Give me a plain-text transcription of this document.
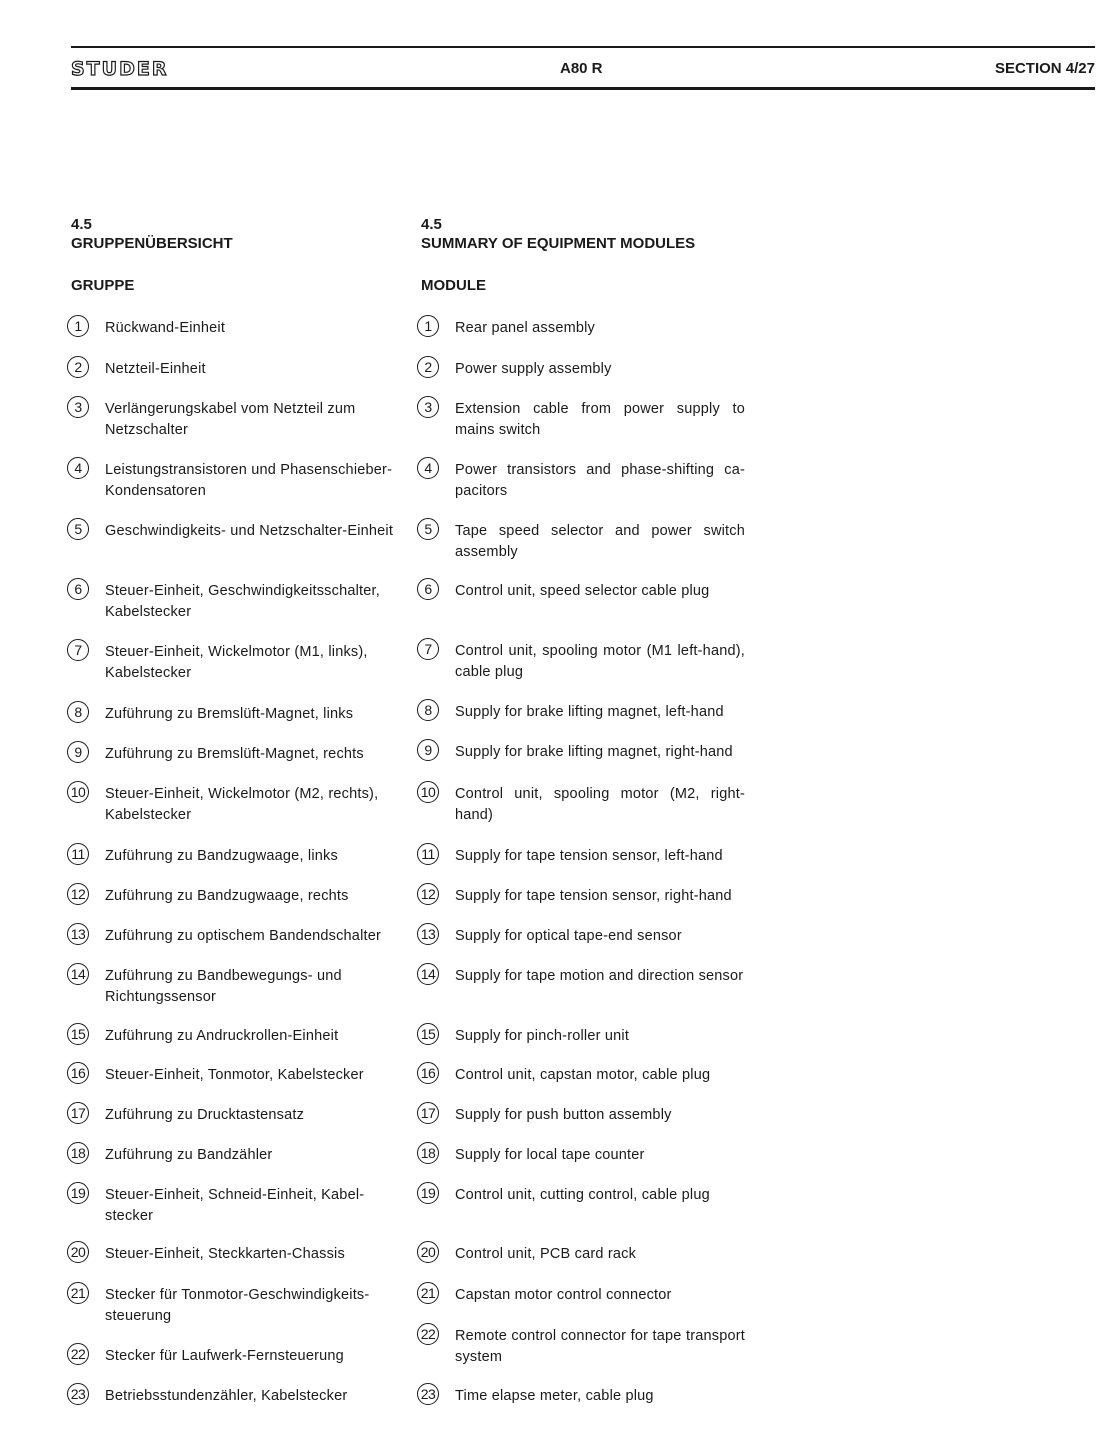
STUDER	A80 R	SECTION 4/27
4.5
GRUPPENÜBERSICHT
GRUPPE
1	Rückwand-Einheit
2	Netzteil-Einheit
3	Verlängerungskabel vom Netzteil zum Netzschalter
4	Leistungstransistoren und Phasenschieber-Kondensatoren
5	Geschwindigkeits- und Netzschalter-Einheit
6	Steuer-Einheit, Geschwindigkeitsschalter, Kabelstecker
7	Steuer-Einheit, Wickelmotor (M1, links), Kabelstecker
8	Zuführung zu Bremslüft-Magnet, links
9	Zuführung zu Bremslüft-Magnet, rechts
10 Steuer-Einheit, Wickelmotor (M2, rechts), Kabelstecker
11 Zuführung zu Bandzugwaage, links
12 Zuführung zu Bandzugwaage, rechts
13 Zuführung zu optischem Bandendschalter
14 Zuführung zu Bandbewegungs- und Richtungssensor
15 Zuführung zu Andruckrollen-Einheit
16 Steuer-Einheit, Tonmotor, Kabelstecker
17 Zuführung zu Drucktastensatz
18 Zuführung zu Bandzähler
19 Steuer-Einheit, Schneid-Einheit, Kabel-stecker
20 Steuer-Einheit, Steckkarten-Chassis
21 Stecker für Tonmotor-Geschwindigkeits-steuerung
22 Stecker für Laufwerk-Fernsteuerung
23 Betriebsstundenzähler, Kabelstecker
4.5
SUMMARY OF EQUIPMENT MODULES
MODULE
1	Rear panel assembly
2	Power supply assembly
3	Extension cable from power supply to mains switch
4	Power transistors and phase-shifting ca-pacitors
5	Tape speed selector and power switch assembly
6	Control unit, speed selector cable plug
7	Control unit, spooling motor (M1 left-hand), cable plug
8	Supply for brake lifting magnet, left-hand
9	Supply for brake lifting magnet, right-hand
10 Control unit, spooling motor (M2, right-hand)
11 Supply for tape tension sensor, left-hand
12 Supply for tape tension sensor, right-hand
13 Supply for optical tape-end sensor
14 Supply for tape motion and direction sensor
15 Supply for pinch-roller unit
16 Control unit, capstan motor, cable plug
17 Supply for push button assembly
18 Supply for local tape counter
19 Control unit, cutting control, cable plug
20 Control unit, PCB card rack
21 Capstan motor control connector
22 Remote control connector for tape transport system
23 Time elapse meter, cable plug
